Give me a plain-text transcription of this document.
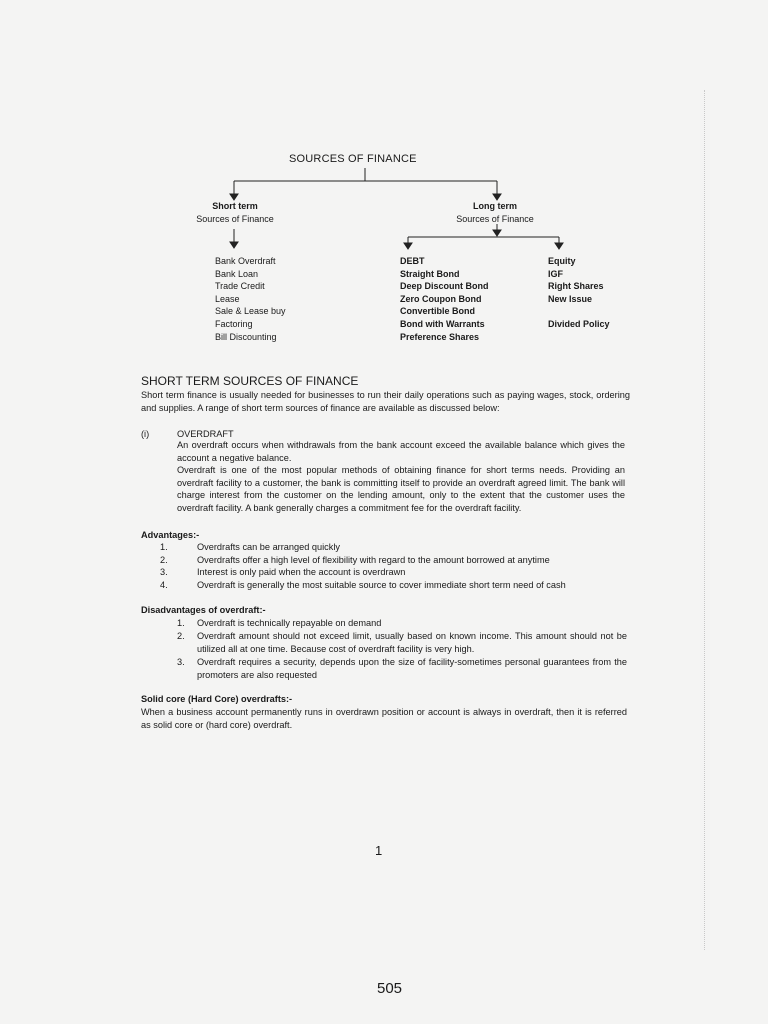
SOURCES OF FINANCE
Short term
Sources of Finance
Long term
Sources of Finance
Bank Overdraft
Bank Loan
Trade Credit
Lease
Sale & Lease buy
Factoring
Bill Discounting
DEBT
Straight Bond
Deep Discount Bond
Zero Coupon Bond
Convertible Bond
Bond with Warrants
Preference Shares
Equity
IGF
Right Shares
New Issue
Divided Policy
SHORT TERM SOURCES OF FINANCE
Short term finance is usually needed for businesses to run their daily operations such as paying wages, stock, ordering and supplies. A range of short term sources of finance are available as discussed below:
(i)	OVERDRAFT
An overdraft occurs when withdrawals from the bank account exceed the available balance which gives the account a negative balance.
Overdraft is one of the most popular methods of obtaining finance for short terms needs. Providing an overdraft facility to a customer, the bank is committing itself to provide an overdraft agreed limit. The bank will charge interest from the customer on the lending amount, only to the extent that the customer uses the overdraft facility. A bank generally charges a commitment fee for the overdraft facility.
Advantages:-
1.
2.
3.
4.
Overdrafts can be arranged quickly
Overdrafts offer a high level of flexibility with regard to the amount borrowed at anytime
Interest is only paid when the account is overdrawn
Overdraft is generally the most suitable source to cover immediate short term need of cash
Disadvantages of overdraft:-
1. Overdraft is technically repayable on demand
2. Overdraft amount should not exceed limit, usually based on known income. This amount should not be utilized all at one time. Because cost of overdraft facility is very high.
3. Overdraft requires a security, depends upon the size of facility-sometimes personal guarantees from the promoters are also requested
Solid core (Hard Core) overdrafts:-
When a business account permanently runs in overdrawn position or account is always in overdraft, then it is referred as solid core or (hard core) overdraft.
1
505
